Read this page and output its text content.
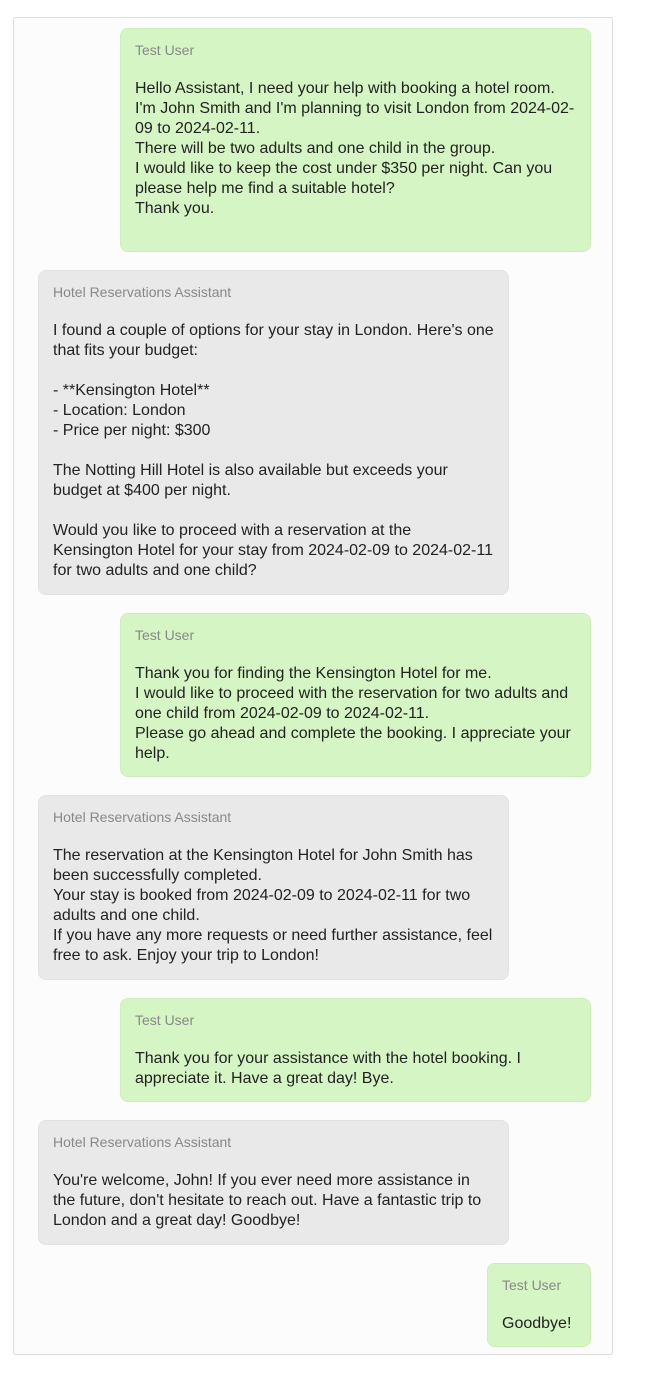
Test User
Hello Assistant, I need your help with booking a hotel room.
I'm John Smith and I'm planning to visit London from 2024-02-09 to 2024-02-11.
There will be two adults and one child in the group.
I would like to keep the cost under $350 per night. Can you please help me find a suitable hotel?
Thank you.
Hotel Reservations Assistant
I found a couple of options for your stay in London. Here's one that fits your budget:

- **Kensington Hotel**
- Location: London
- Price per night: $300

The Notting Hill Hotel is also available but exceeds your budget at $400 per night.

Would you like to proceed with a reservation at the Kensington Hotel for your stay from 2024-02-09 to 2024-02-11 for two adults and one child?
Test User
Thank you for finding the Kensington Hotel for me.
I would like to proceed with the reservation for two adults and one child from 2024-02-09 to 2024-02-11.
Please go ahead and complete the booking. I appreciate your help.
Hotel Reservations Assistant
The reservation at the Kensington Hotel for John Smith has been successfully completed.
Your stay is booked from 2024-02-09 to 2024-02-11 for two adults and one child.
If you have any more requests or need further assistance, feel free to ask. Enjoy your trip to London!
Test User
Thank you for your assistance with the hotel booking. I appreciate it. Have a great day! Bye.
Hotel Reservations Assistant
You're welcome, John! If you ever need more assistance in the future, don't hesitate to reach out. Have a fantastic trip to London and a great day! Goodbye!
Test User
Goodbye!
